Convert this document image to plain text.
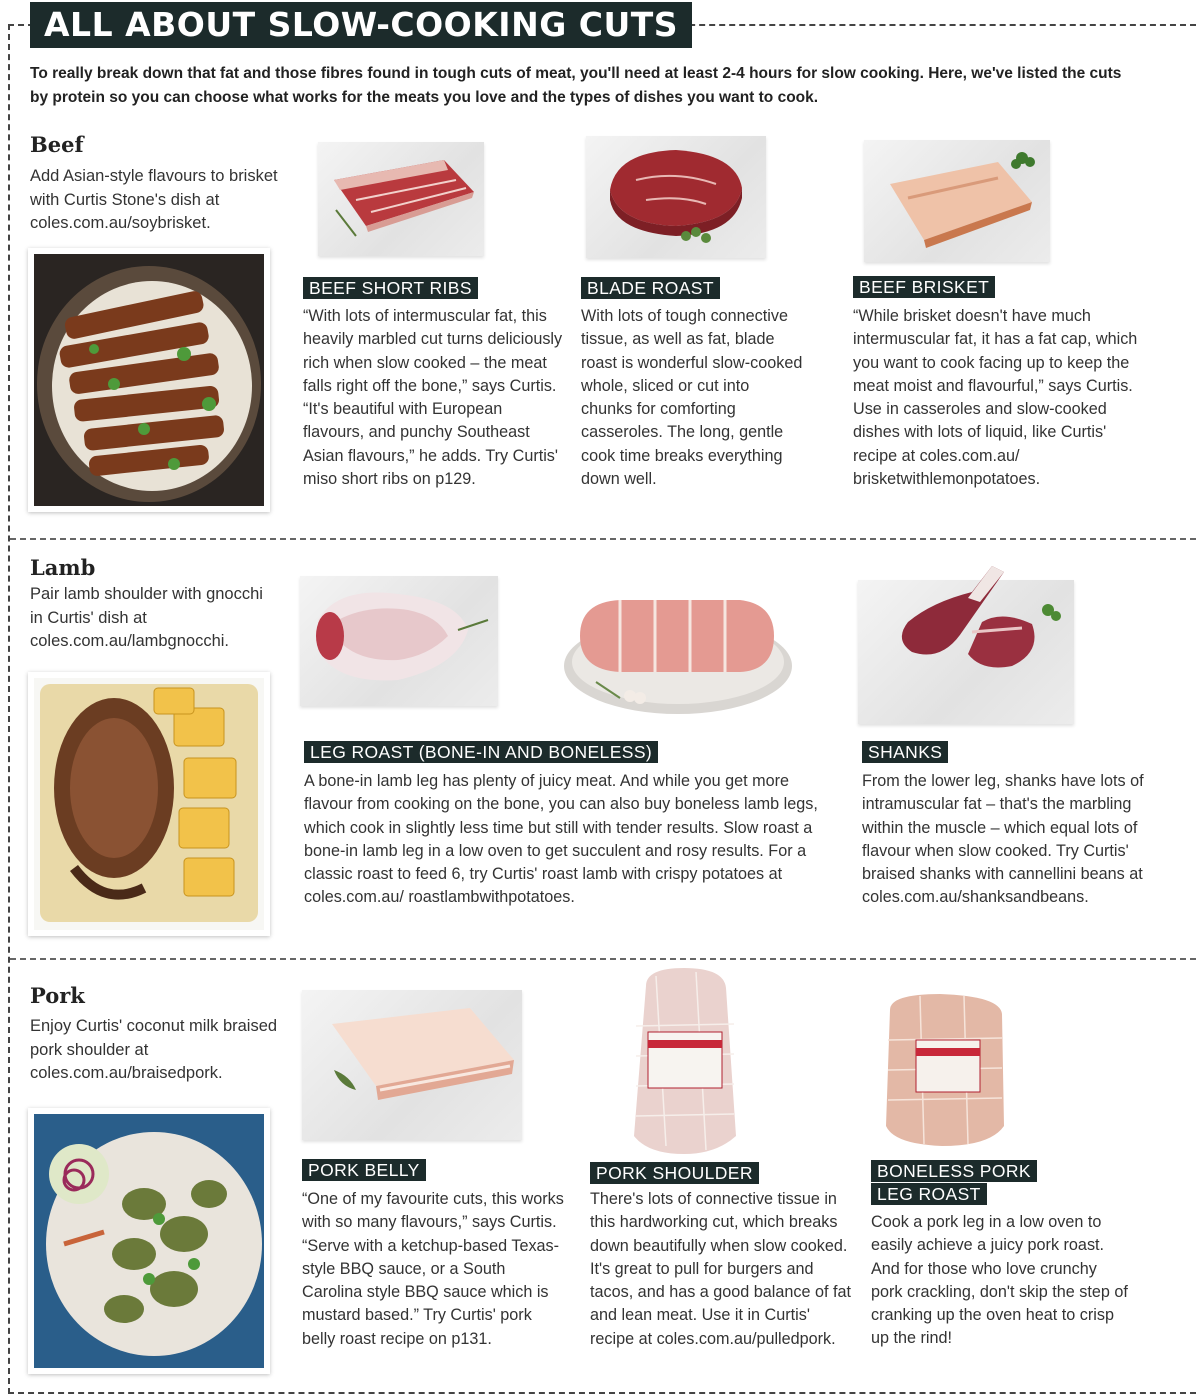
ALL ABOUT SLOW-COOKING CUTS
To really break down that fat and those fibres found in tough cuts of meat, you'll need at least 2-4 hours for slow cooking. Here, we've listed the cuts by protein so you can choose what works for the meats you love and the types of dishes you want to cook.
Beef
Add Asian-style flavours to brisket with Curtis Stone's dish at coles.com.au/soybrisket.
BEEF SHORT RIBS
“With lots of intermuscular fat, this heavily marbled cut turns deliciously rich when slow cooked – the meat falls right off the bone,” says Curtis. “It's beautiful with European flavours, and punchy Southeast Asian flavours,” he adds. Try Curtis' miso short ribs on p129.
BLADE ROAST
With lots of tough connective tissue, as well as fat, blade roast is wonderful slow-cooked whole, sliced or cut into chunks for comforting casseroles. The long, gentle cook time breaks everything down well.
BEEF BRISKET
“While brisket doesn't have much intermuscular fat, it has a fat cap, which you want to cook facing up to keep the meat moist and flavourful,” says Curtis. Use in casseroles and slow-cooked dishes with lots of liquid, like Curtis' recipe at coles.com.au/ brisketwithlemonpotatoes.
Lamb
Pair lamb shoulder with gnocchi in Curtis' dish at coles.com.au/lambgnocchi.
LEG ROAST (BONE-IN AND BONELESS)
A bone-in lamb leg has plenty of juicy meat. And while you get more flavour from cooking on the bone, you can also buy boneless lamb legs, which cook in slightly less time but still with tender results. Slow roast a bone-in lamb leg in a low oven to get succulent and rosy results. For a classic roast to feed 6, try Curtis' roast lamb with crispy potatoes at coles.com.au/ roastlambwithpotatoes.
SHANKS
From the lower leg, shanks have lots of intramuscular fat – that's the marbling within the muscle – which equal lots of flavour when slow cooked. Try Curtis' braised shanks with cannellini beans at coles.com.au/shanksandbeans.
Pork
Enjoy Curtis' coconut milk braised pork shoulder at coles.com.au/braisedpork.
PORK BELLY
“One of my favourite cuts, this works with so many flavours,” says Curtis. “Serve with a ketchup-based Texas-style BBQ sauce, or a South Carolina style BBQ sauce which is mustard based.” Try Curtis' pork belly roast recipe on p131.
PORK SHOULDER
There's lots of connective tissue in this hardworking cut, which breaks down beautifully when slow cooked. It's great to pull for burgers and tacos, and has a good balance of fat and lean meat. Use it in Curtis' recipe at coles.com.au/pulledpork.
BONELESS PORK
LEG ROAST
Cook a pork leg in a low oven to easily achieve a juicy pork roast. And for those who love crunchy pork crackling, don't skip the step of cranking up the oven heat to crisp up the rind!
